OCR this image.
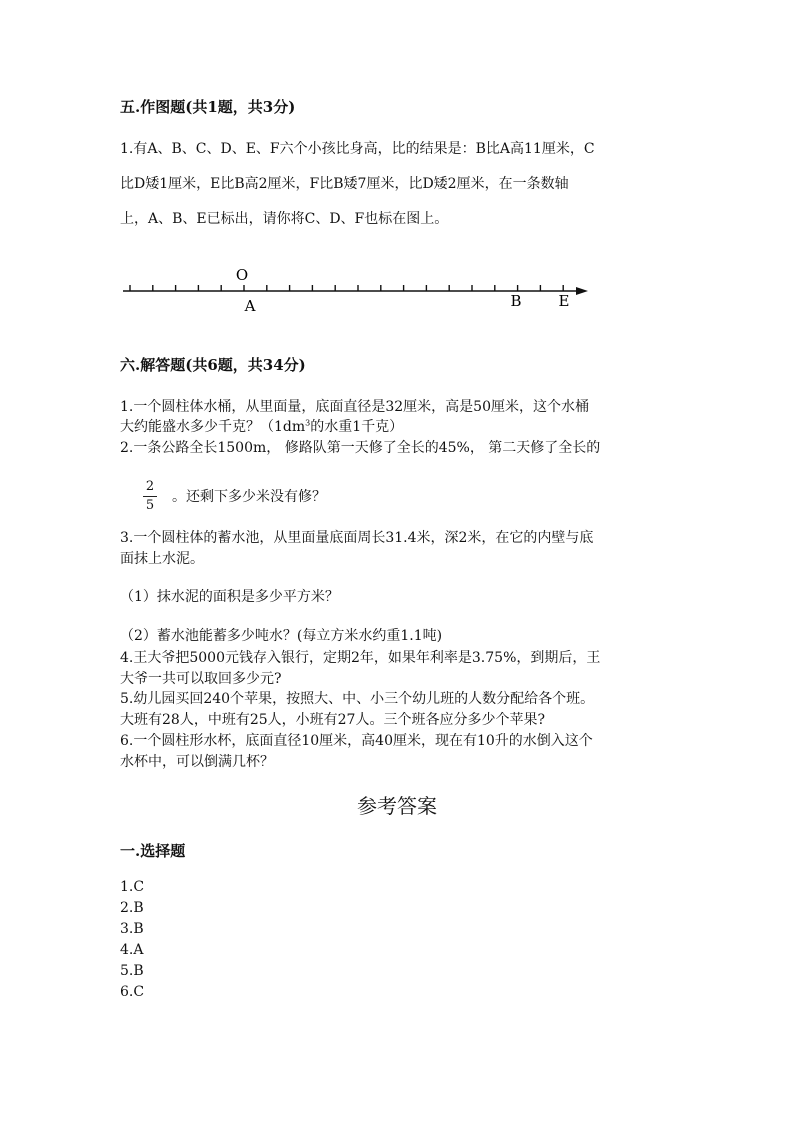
五.作图题(共1题，共3分)
1.有A、B、C、D、E、F六个小孩比身高，比的结果是：B比A高11厘米，C
比D矮1厘米，E比B高2厘米，F比B矮7厘米，比D矮2厘米，在一条数轴
上，A、B、E已标出，请你将C、D、F也标在图上。
O
A	B E
六.解答题(共6题，共34分)
1.一个圆柱体水桶，从里面量，底面直径是32厘米，高是50厘米，这个水桶
大约能盛水多少千克？（$1dm^3$的水重1千克）
2.一条公路全长1500m， 修路队第一天修了全长的45%， 第二天修了全长的
2
5
。还剩下多少米没有修？
3.一个圆柱体的蓄水池，从里面量底面周长31.4米，深2米，在它的内壁与底
面抹上水泥。
（1）抹水泥的面积是多少平方米？
（2）蓄水池能蓄多少吨水？(每立方米水约重1.1吨)
4.王大爷把5000元钱存入银行，定期2年，如果年利率是3.75%，到期后，王
大爷一共可以取回多少元?
5.幼儿园买回240个苹果，按照大、中、小三个幼儿班的人数分配给各个班。
大班有28人，中班有25人，小班有27人。三个班各应分多少个苹果?
6.一个圆柱形水杯，底面直径10厘米，高40厘米，现在有10升的水倒入这个
水杯中，可以倒满几杯？
参考答案
一.选择题
1.C
2.B
3.B
4.A
5.B
6.C
